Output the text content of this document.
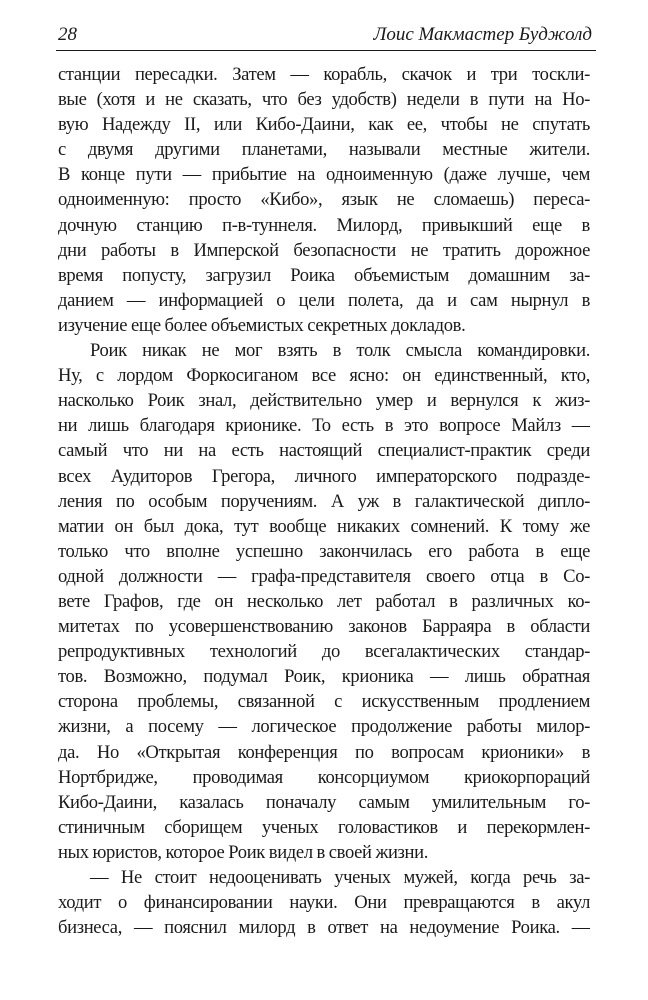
28	Лоис Макмастер Буджолд

станции пересадки. Затем — корабль, скачок и три тоскли-
вые (хотя и не сказать, что без удобств) недели в пути на Но-
вую Надежду II, или Кибо-Даини, как ее, чтобы не спутать
с двумя другими планетами, называли местные жители.
В конце пути — прибытие на одноименную (даже лучше, чем
одноименную: просто «Кибо», язык не сломаешь) переса-
дочную станцию п-в-туннеля. Милорд, привыкший еще в
дни работы в Имперской безопасности не тратить дорожное
время попусту, загрузил Роика объемистым домашним за-
данием — информацией о цели полета, да и сам нырнул в
изучение еще более объемистых секретных докладов.

Роик никак не мог взять в толк смысла командировки.
Ну, с лордом Форкосиганом все ясно: он единственный, кто,
насколько Роик знал, действительно умер и вернулся к жиз-
ни лишь благодаря крионике. То есть в это вопросе Майлз —
самый что ни на есть настоящий специалист-практик среди
всех Аудиторов Грегора, личного императорского подразде-
ления по особым поручениям. А уж в галактической дипло-
матии он был дока, тут вообще никаких сомнений. К тому же
только что вполне успешно закончилась его работа в еще
одной должности — графа-представителя своего отца в Со-
вете Графов, где он несколько лет работал в различных ко-
митетах по усовершенствованию законов Барраяра в области
репродуктивных технологий до всегалактических стандар-
тов. Возможно, подумал Роик, крионика — лишь обратная
сторона проблемы, связанной с искусственным продлением
жизни, а посему — логическое продолжение работы милор-
да. Но «Открытая конференция по вопросам крионики» в
Нортбридже, проводимая консорциумом криокорпораций
Кибо-Даини, казалась поначалу самым умилительным го-
стиничным сборищем ученых головастиков и перекормлен-
ных юристов, которое Роик видел в своей жизни.

— Не стоит недооценивать ученых мужей, когда речь за-
ходит о финансировании науки. Они превращаются в акул
бизнеса, — пояснил милорд в ответ на недоумение Роика. —
